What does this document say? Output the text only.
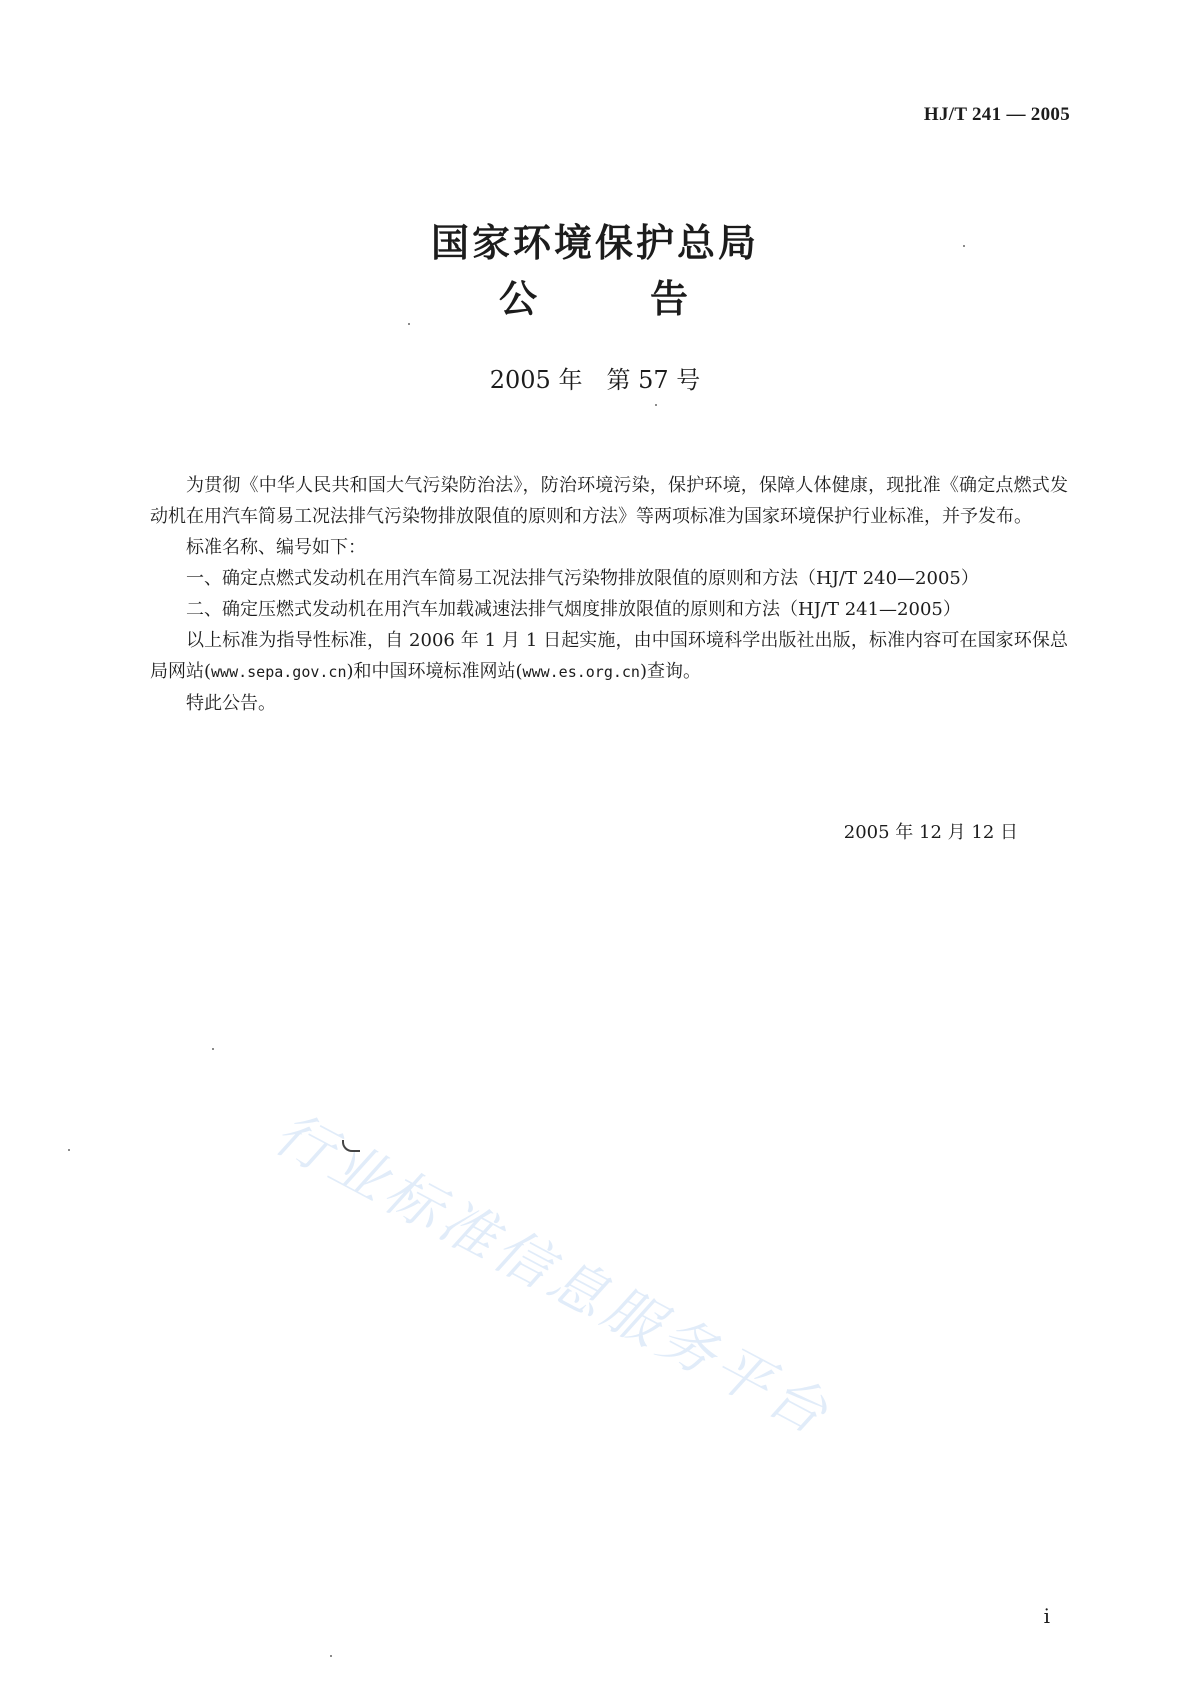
HJ/T 241 — 2005
国家环境保护总局
公	告
2005 年　第 57 号

为贯彻《中华人民共和国大气污染防治法》，防治环境污染，保护环境，保障人体健康，现批准《确定点燃式发动机在用汽车简易工况法排气污染物排放限值的原则和方法》等两项标准为国家环境保护行业标准，并予发布。

标准名称、编号如下：

一、确定点燃式发动机在用汽车简易工况法排气污染物排放限值的原则和方法（HJ/T 240—2005）

二、确定压燃式发动机在用汽车加载减速法排气烟度排放限值的原则和方法（HJ/T 241—2005）

以上标准为指导性标准，自 2006 年 1 月 1 日起实施，由中国环境科学出版社出版，标准内容可在国家环保总局网站(www.sepa.gov.cn)和中国环境标准网站(www.es.org.cn)查询。

特此公告。

2005 年 12 月 12 日
行业标准信息服务平台
i
